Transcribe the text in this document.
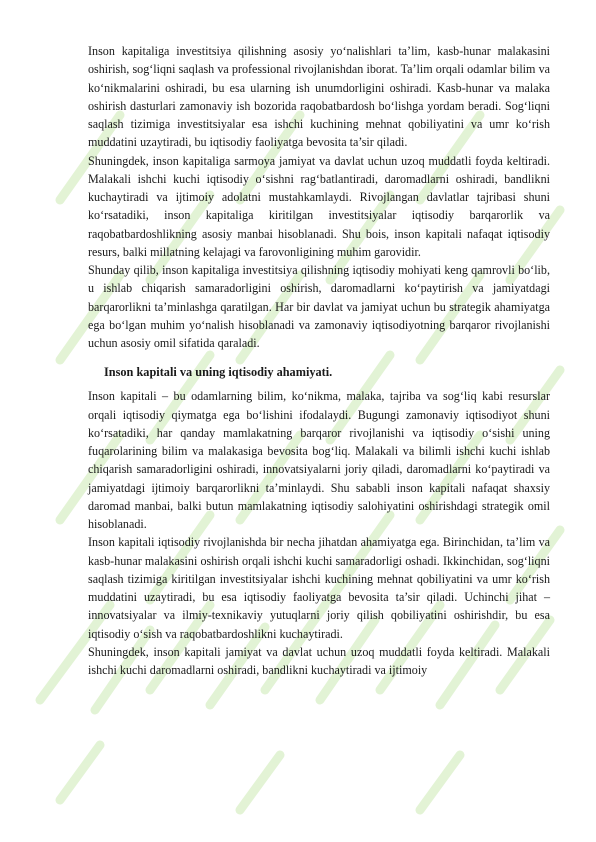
Inson kapitaliga investitsiya qilishning asosiy yo‘nalishlari ta’lim, kasb-hunar malakasini oshirish, sog‘liqni saqlash va professional rivojlanishdan iborat. Ta’lim orqali odamlar bilim va ko‘nikmalarini oshiradi, bu esa ularning ish unumdorligini oshiradi. Kasb-hunar va malaka oshirish dasturlari zamonaviy ish bozorida raqobatbardosh bo‘lishga yordam beradi. Sog‘liqni saqlash tizimiga investitsiyalar esa ishchi kuchining mehnat qobiliyatini va umr ko‘rish muddatini uzaytiradi, bu iqtisodiy faoliyatga bevosita ta’sir qiladi.

Shuningdek, inson kapitaliga sarmoya jamiyat va davlat uchun uzoq muddatli foyda keltiradi. Malakali ishchi kuchi iqtisodiy o‘sishni rag‘batlantiradi, daromadlarni oshiradi, bandlikni kuchaytiradi va ijtimoiy adolatni mustahkamlaydi. Rivojlangan davlatlar tajribasi shuni ko‘rsatadiki, inson kapitaliga kiritilgan investitsiyalar iqtisodiy barqarorlik va raqobatbardoshlikning asosiy manbai hisoblanadi. Shu bois, inson kapitali nafaqat iqtisodiy resurs, balki millatning kelajagi va farovonligining muhim garovidir.

Shunday qilib, inson kapitaliga investitsiya qilishning iqtisodiy mohiyati keng qamrovli bo‘lib, u ishlab chiqarish samaradorligini oshirish, daromadlarni ko‘paytirish va jamiyatdagi barqarorlikni ta’minlashga qaratilgan. Har bir davlat va jamiyat uchun bu strategik ahamiyatga ega bo‘lgan muhim yo‘nalish hisoblanadi va zamonaviy iqtisodiyotning barqaror rivojlanishi uchun asosiy omil sifatida qaraladi.

Inson kapitali va uning iqtisodiy ahamiyati.

Inson kapitali – bu odamlarning bilim, ko‘nikma, malaka, tajriba va sog‘liq kabi resurslar orqali iqtisodiy qiymatga ega bo‘lishini ifodalaydi. Bugungi zamonaviy iqtisodiyot shuni ko‘rsatadiki, har qanday mamlakatning barqaror rivojlanishi va iqtisodiy o‘sishi uning fuqarolarining bilim va malakasiga bevosita bog‘liq. Malakali va bilimli ishchi kuchi ishlab chiqarish samaradorligini oshiradi, innovatsiyalarni joriy qiladi, daromadlarni ko‘paytiradi va jamiyatdagi ijtimoiy barqarorlikni ta’minlaydi. Shu sababli inson kapitali nafaqat shaxsiy daromad manbai, balki butun mamlakatning iqtisodiy salohiyatini oshirishdagi strategik omil hisoblanadi.

Inson kapitali iqtisodiy rivojlanishda bir necha jihatdan ahamiyatga ega. Birinchidan, ta’lim va kasb-hunar malakasini oshirish orqali ishchi kuchi samaradorligi oshadi. Ikkinchidan, sog‘liqni saqlash tizimiga kiritilgan investitsiyalar ishchi kuchining mehnat qobiliyatini va umr ko‘rish muddatini uzaytiradi, bu esa iqtisodiy faoliyatga bevosita ta’sir qiladi. Uchinchi jihat – innovatsiyalar va ilmiy-texnikaviy yutuqlarni joriy qilish qobiliyatini oshirishdir, bu esa iqtisodiy o‘sish va raqobatbardoshlikni kuchaytiradi.

Shuningdek, inson kapitali jamiyat va davlat uchun uzoq muddatli foyda keltiradi. Malakali ishchi kuchi daromadlarni oshiradi, bandlikni kuchaytiradi va ijtimoiy
